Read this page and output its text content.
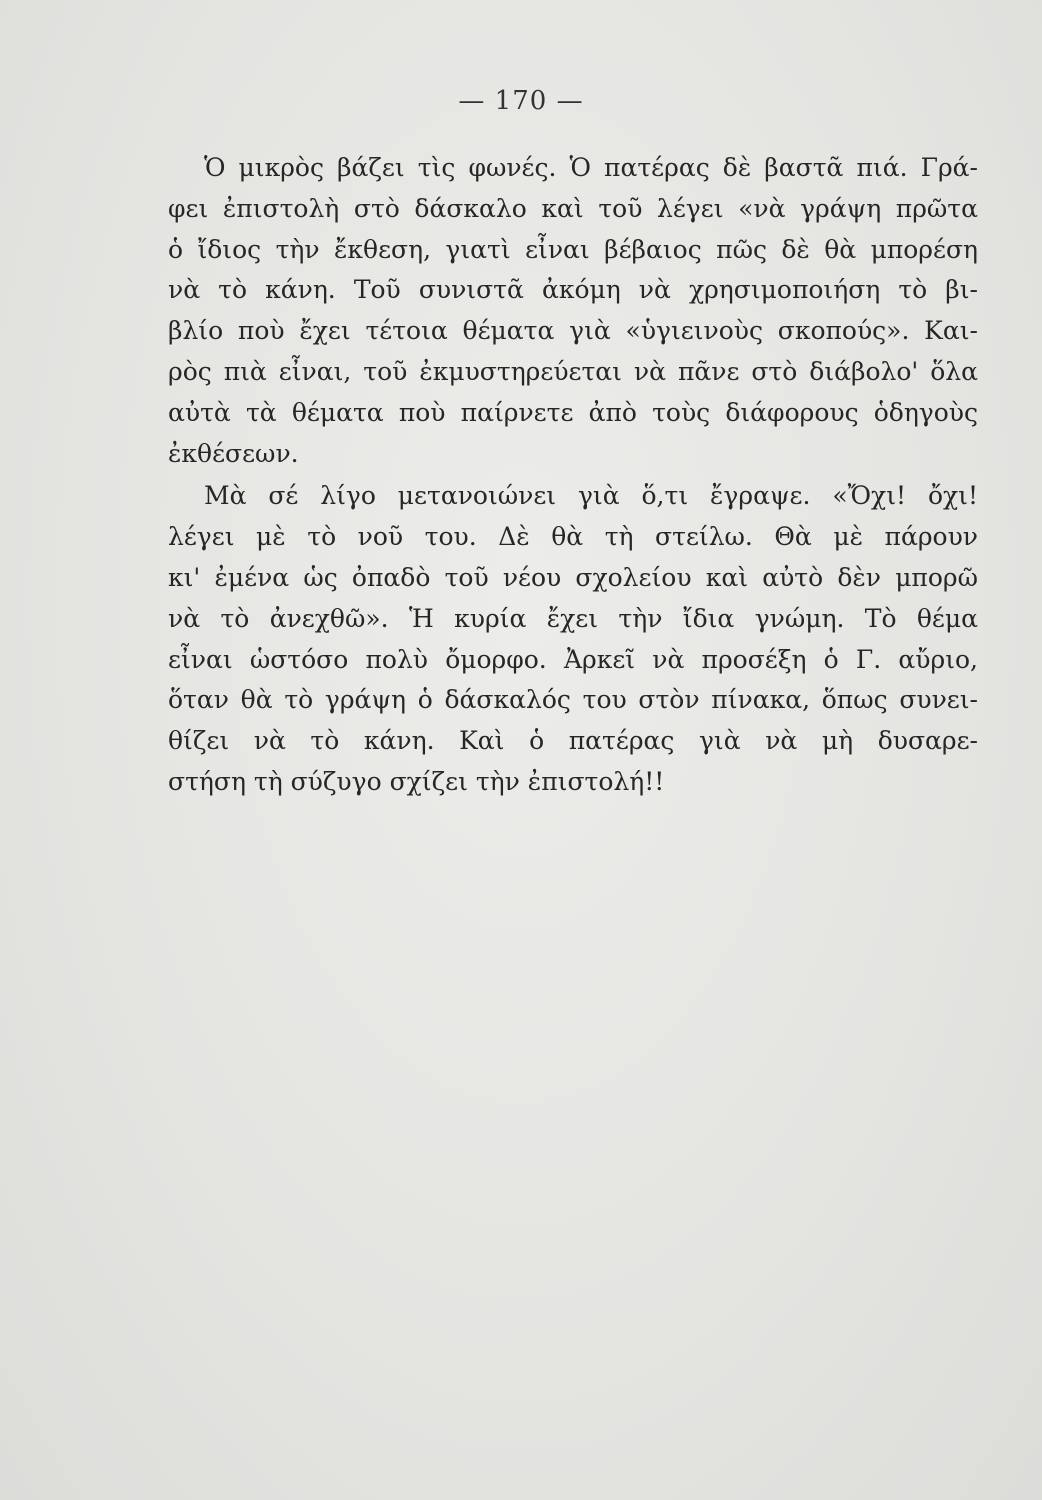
— 170 —
Ὁ μικρὸς βάζει τὶς φωνές. Ὁ πατέρας δὲ βαστᾶ πιά. Γρά-
φει ἐπιστολὴ στὸ δάσκαλο καὶ τοῦ λέγει «νὰ γράψη πρῶτα
ὁ ἴδιος τὴν ἔκθεση, γιατὶ εἶναι βέβαιος πῶς δὲ θὰ μπορέση
νὰ τὸ κάνη. Τοῦ συνιστᾶ ἀκόμη νὰ χρησιμοποιήση τὸ βι-
βλίο ποὺ ἔχει τέτοια θέματα γιὰ «ὑγιεινοὺς σκοπούς». Και-
ρὸς πιὰ εἶναι, τοῦ ἐκμυστηρεύεται νὰ πᾶνε στὸ διάβολο' ὅλα
αὐτὰ τὰ θέματα ποὺ παίρνετε ἀπὸ τοὺς διάφορους ὁδηγοὺς
ἐκθέσεων.
Μὰ σέ λίγο μετανοιώνει γιὰ ὅ,τι ἔγραψε. «Ὄχι! ὄχι!
λέγει μὲ τὸ νοῦ του. Δὲ θὰ τὴ στείλω. Θὰ μὲ πάρουν
κι' ἐμένα ὡς ὀπαδὸ τοῦ νέου σχολείου καὶ αὐτὸ δὲν μπορῶ
νὰ τὸ ἀνεχθῶ». Ἡ κυρία ἔχει τὴν ἴδια γνώμη. Τὸ θέμα
εἶναι ὡστόσο πολὺ ὄμορφο. Ἀρκεῖ νὰ προσέξη ὁ Γ. αὔριο,
ὅταν θὰ τὸ γράψη ὁ δάσκαλός του στὸν πίνακα, ὅπως συνει-
θίζει νὰ τὸ κάνη. Καὶ ὁ πατέρας γιὰ νὰ μὴ δυσαρε-
στήση τὴ σύζυγο σχίζει τὴν ἐπιστολή!!
